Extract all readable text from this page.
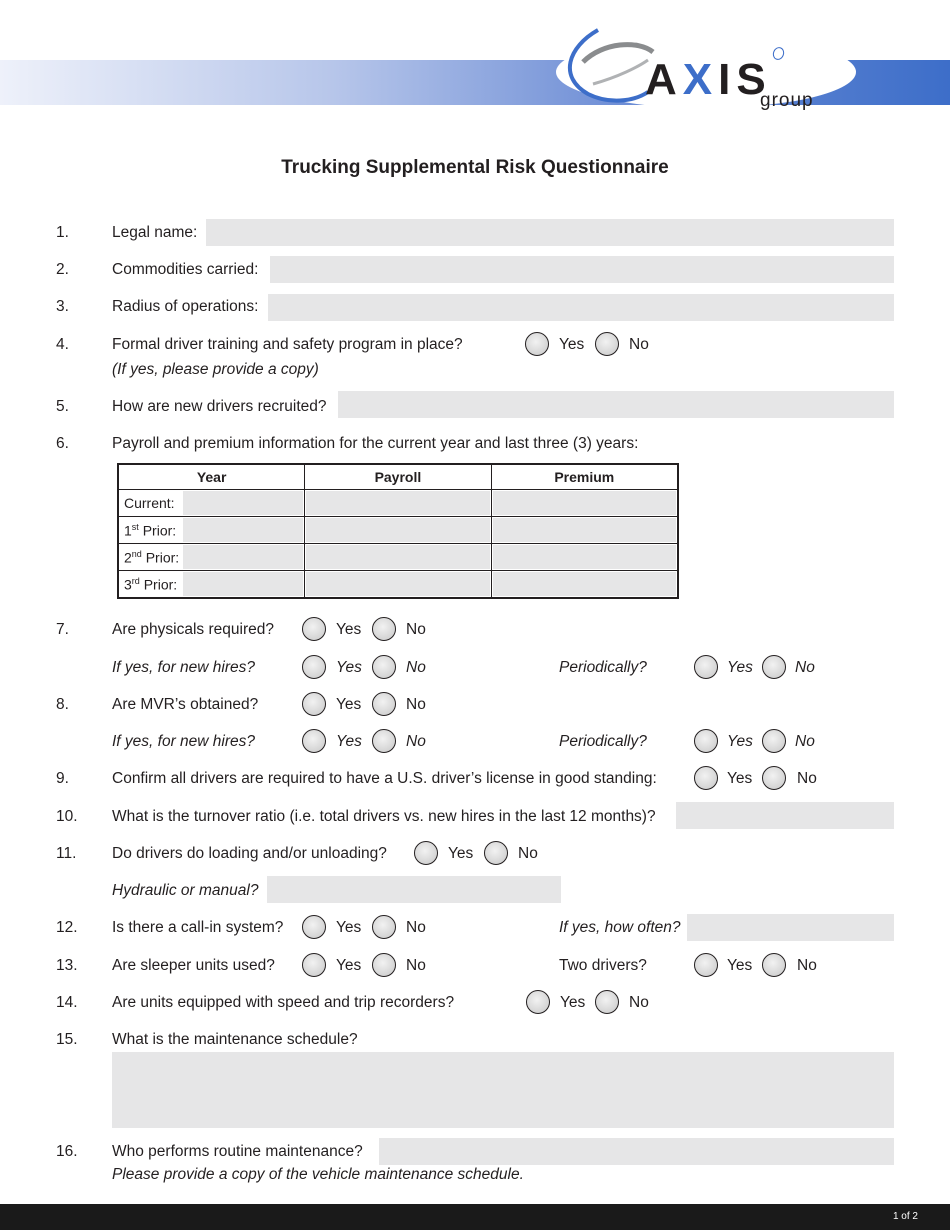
AXIS
group
Trucking Supplemental Risk Questionnaire
1.	Legal name:
2.	Commodities carried:
3.	Radius of operations:
4.	Formal driver training and safety program in place?
(If yes, please provide a copy)
Yes	No
5.	How are new drivers recruited?
6.	Payroll and premium information for the current year and last three (3) years:
Year	Payroll	Premium

Current:		

1st Prior:		

2nd Prior:		

3rd Prior:		

7.	Are physicals required?	Yes	No
If yes, for new hires?	Yes	No	Periodically?	Yes	No
8.	Are MVR’s obtained?	Yes	No
If yes, for new hires?	Yes	No	Periodically?	Yes	No
9.	Confirm all drivers are required to have a U.S. driver’s license in good standing:	Yes	No
10. What is the turnover ratio (i.e. total drivers vs. new hires in the last 12 months)?
11. Do drivers do loading and/or unloading?	Yes	No
Hydraulic or manual?
12. Is there a call-in system?	Yes	No	If yes, how often?
13. Are sleeper units used?	Yes	No	Two drivers?	Yes	No
14. Are units equipped with speed and trip recorders?	Yes	No
15. What is the maintenance schedule?
16. Who performs routine maintenance?
Please provide a copy of the vehicle maintenance schedule.
1 of 2
